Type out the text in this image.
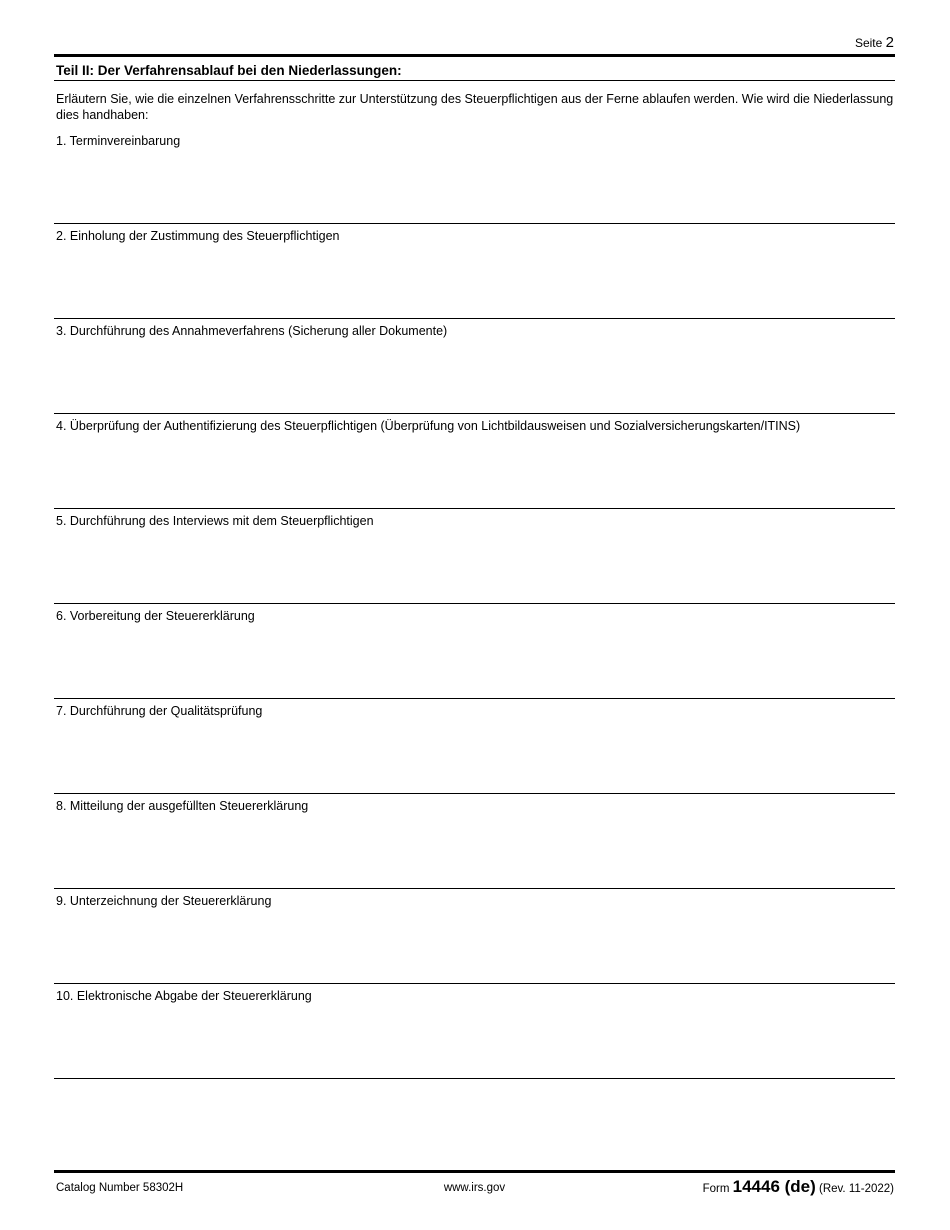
Seite 2
Teil II: Der Verfahrensablauf bei den Niederlassungen:
Erläutern Sie, wie die einzelnen Verfahrensschritte zur Unterstützung des Steuerpflichtigen aus der Ferne ablaufen werden. Wie wird die Niederlassung dies handhaben:
1. Terminvereinbarung
2. Einholung der Zustimmung des Steuerpflichtigen
3. Durchführung des Annahmeverfahrens (Sicherung aller Dokumente)
4. Überprüfung der Authentifizierung des Steuerpflichtigen (Überprüfung von Lichtbildausweisen und Sozialversicherungskarten/ITINS)
5. Durchführung des Interviews mit dem Steuerpflichtigen
6. Vorbereitung der Steuererklärung
7. Durchführung der Qualitätsprüfung
8. Mitteilung der ausgefüllten Steuererklärung
9. Unterzeichnung der Steuererklärung
10. Elektronische Abgabe der Steuererklärung
Catalog Number 58302H	www.irs.gov	Form 14446 (de) (Rev. 11-2022)
